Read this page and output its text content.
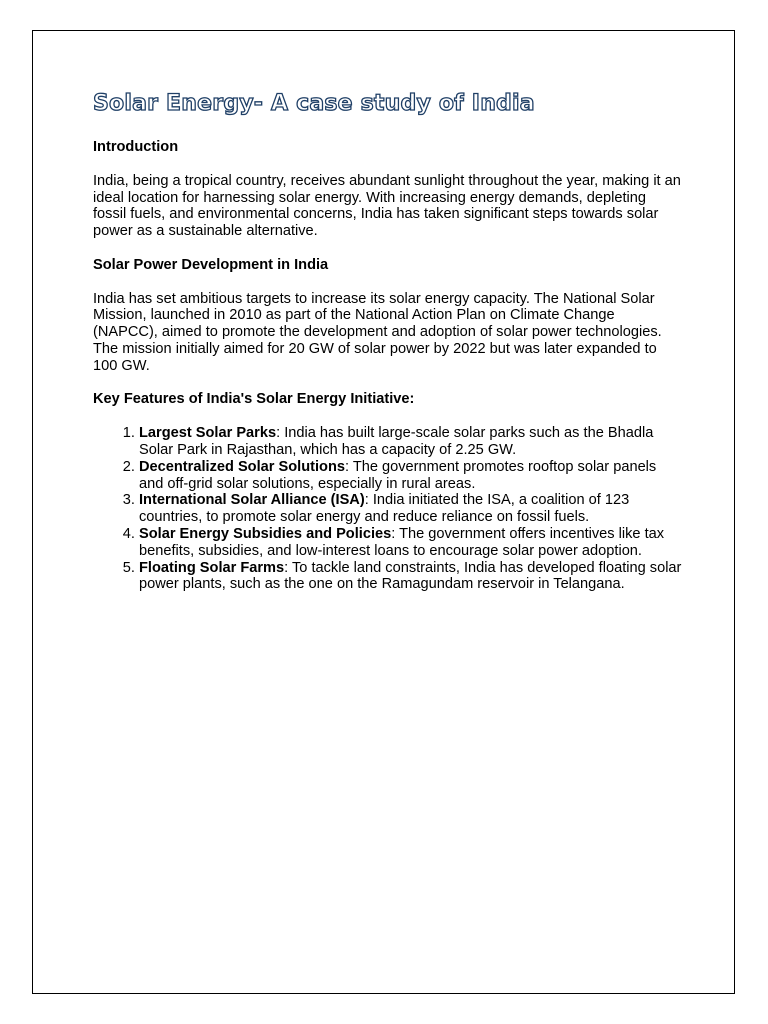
Solar Energy- A case study of India

Introduction

India, being a tropical country, receives abundant sunlight throughout the year, making it an ideal location for harnessing solar energy. With increasing energy demands, depleting fossil fuels, and environmental concerns, India has taken significant steps towards solar power as a sustainable alternative.

Solar Power Development in India

India has set ambitious targets to increase its solar energy capacity. The National Solar Mission, launched in 2010 as part of the National Action Plan on Climate Change (NAPCC), aimed to promote the development and adoption of solar power technologies. The mission initially aimed for 20 GW of solar power by 2022 but was later expanded to 100 GW.

Key Features of India's Solar Energy Initiative:

1. Largest Solar Parks: India has built large-scale solar parks such as the Bhadla Solar Park in Rajasthan, which has a capacity of 2.25 GW.
2. Decentralized Solar Solutions: The government promotes rooftop solar panels and off-grid solar solutions, especially in rural areas.
3. International Solar Alliance (ISA): India initiated the ISA, a coalition of 123 countries, to promote solar energy and reduce reliance on fossil fuels.
4. Solar Energy Subsidies and Policies: The government offers incentives like tax benefits, subsidies, and low-interest loans to encourage solar power adoption.
5. Floating Solar Farms: To tackle land constraints, India has developed floating solar power plants, such as the one on the Ramagundam reservoir in Telangana.
